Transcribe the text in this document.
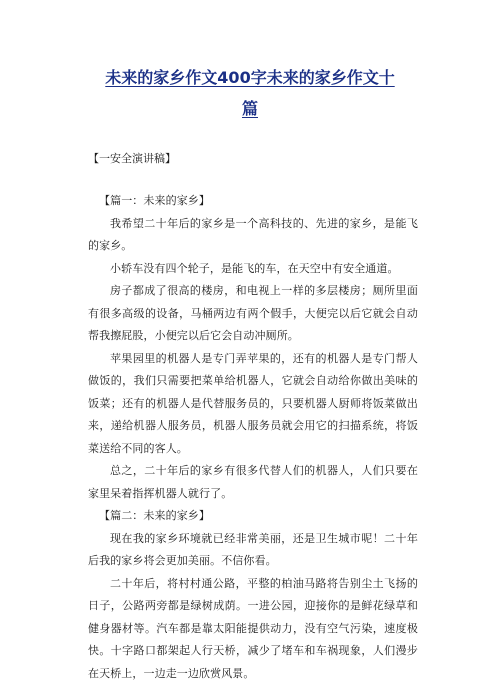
未来的家乡作文400字未来的家乡作文十
篇
【一安全演讲稿】

【篇一：未来的家乡】

我希望二十年后的家乡是一个高科技的、先进的家乡，是能飞的家乡。

小轿车没有四个轮子，是能飞的车，在天空中有安全通道。

房子都成了很高的楼房，和电视上一样的多层楼房；厕所里面有很多高级的设备，马桶两边有两个假手，大便完以后它就会自动帮我擦屁股，小便完以后它会自动冲厕所。

苹果园里的机器人是专门弄苹果的，还有的机器人是专门帮人做饭的，我们只需要把菜单给机器人，它就会自动给你做出美味的饭菜；还有的机器人是代替服务员的，只要机器人厨师将饭菜做出来，递给机器人服务员，机器人服务员就会用它的扫描系统，将饭菜送给不同的客人。

总之，二十年后的家乡有很多代替人们的机器人，人们只要在家里呆着指挥机器人就行了。

【篇二：未来的家乡】

现在我的家乡环境就已经非常美丽，还是卫生城市呢！二十年后我的家乡将会更加美丽。不信你看。

二十年后，将村村通公路，平整的柏油马路将告别尘土飞扬的日子，公路两旁都是绿树成荫。一进公园，迎接你的是鲜花绿草和健身器材等。汽车都是靠太阳能提供动力，没有空气污染，速度极快。十字路口都架起人行天桥，减少了堵车和车祸现象，人们漫步在天桥上，一边走一边欣赏风景。
